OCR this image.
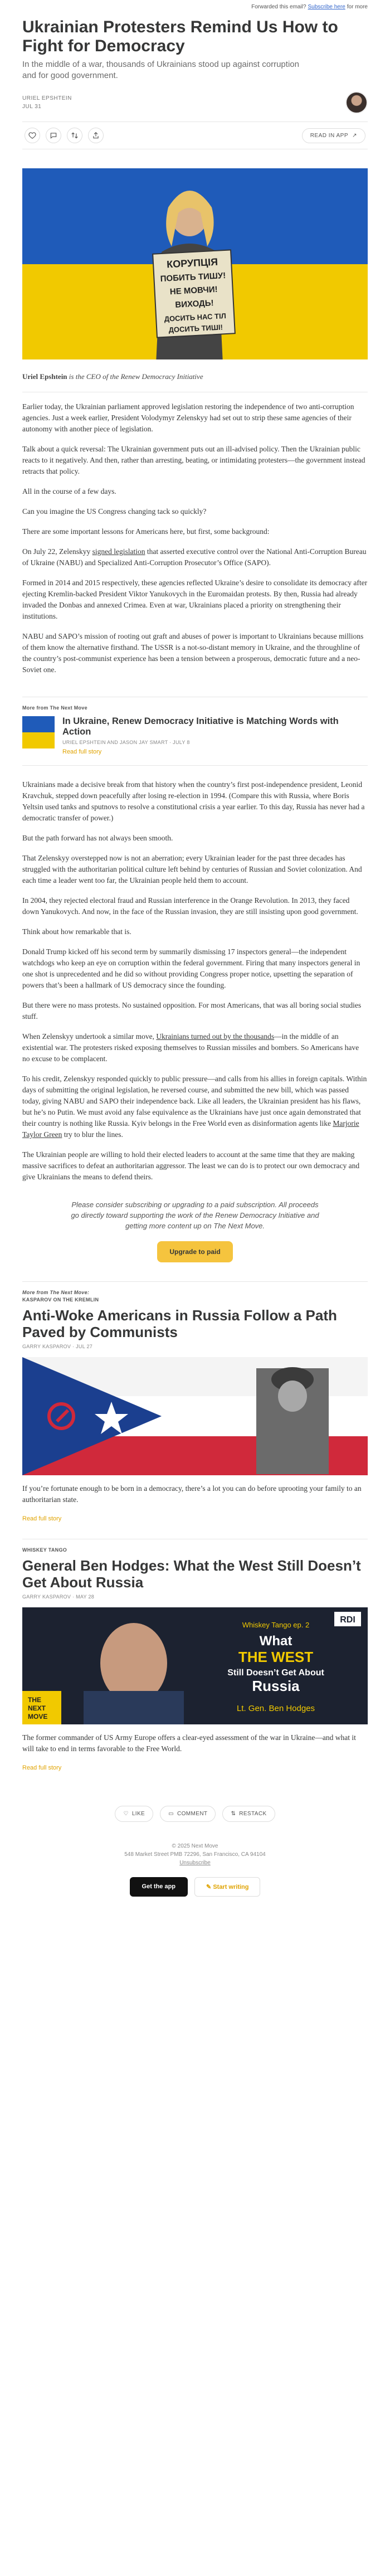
Forwarded this email? Subscribe here for more
Ukrainian Protesters Remind Us How to Fight for Democracy
In the middle of a war, thousands of Ukrainians stood up against corruption and for good government.
URIEL EPSHTEIN
JUL 31
READ IN APP ↗
КОРУПЦІЯ
ПОБИТЬ ТИШУ!
НЕ МОВЧИ!
ВИХОДЬ!
ДОСИТЬ НАС ТІЛ
ДОСИТЬ ТИШІ!
Uriel Epshtein is the CEO of the Renew Democracy Initiative

Earlier today, the Ukrainian parliament approved legislation restoring the independence of two anti-corruption agencies. Just a week earlier, President Volodymyr Zelenskyy had set out to strip these same agencies of their autonomy with another piece of legislation.

Talk about a quick reversal: The Ukrainian government puts out an ill-advised policy. Then the Ukrainian public reacts to it negatively. And then, rather than arresting, beating, or intimidating protesters—the government instead retracts that policy.

All in the course of a few days.

Can you imagine the US Congress changing tack so quickly?

There are some important lessons for Americans here, but first, some background:

On July 22, Zelenskyy signed legislation that asserted executive control over the National Anti-Corruption Bureau of Ukraine (NABU) and Specialized Anti-Corruption Prosecutor’s Office (SAPO).

Formed in 2014 and 2015 respectively, these agencies reflected Ukraine’s desire to consolidate its democracy after ejecting Kremlin-backed President Viktor Yanukovych in the Euromaidan protests. By then, Russia had already invaded the Donbas and annexed Crimea. Even at war, Ukrainians placed a priority on strengthening their institutions.

NABU and SAPO’s mission of rooting out graft and abuses of power is important to Ukrainians because millions of them know the alternative firsthand. The USSR is a not-so-distant memory in Ukraine, and the throughline of the country’s post-communist experience has been a tension between a prosperous, democratic future and a neo-Soviet one.

More from The Next Move
In Ukraine, Renew Democracy Initiative is Matching Words with Action
URIEL EPSHTEIN AND JASON JAY SMART · JULY 8
Read full story

Ukrainians made a decisive break from that history when the country’s first post-independence president, Leonid Kravchuk, stepped down peacefully after losing re-election in 1994. (Compare this with Russia, where Boris Yeltsin used tanks and sputnovs to resolve a constitutional crisis a year earlier. To this day, Russia has never had a democratic transfer of power.)

But the path forward has not always been smooth.

That Zelenskyy overstepped now is not an aberration; every Ukrainian leader for the past three decades has struggled with the authoritarian political culture left behind by centuries of Russian and Soviet colonization. And each time a leader went too far, the Ukrainian people held them to account.

In 2004, they rejected electoral fraud and Russian interference in the Orange Revolution. In 2013, they faced down Yanukovych. And now, in the face of the Russian invasion, they are still insisting upon good government.

Think about how remarkable that is.

Donald Trump kicked off his second term by summarily dismissing 17 inspectors general—the independent watchdogs who keep an eye on corruption within the federal government. Firing that many inspectors general in one shot is unprecedented and he did so without providing Congress proper notice, upsetting the separation of powers that’s been a hallmark of US democracy since the founding.

But there were no mass protests. No sustained opposition. For most Americans, that was all boring social studies stuff.

When Zelenskyy undertook a similar move, Ukrainians turned out by the thousands—in the middle of an existential war. The protesters risked exposing themselves to Russian missiles and bombers. So Americans have no excuse to be complacent.

To his credit, Zelenskyy responded quickly to public pressure—and calls from his allies in foreign capitals. Within days of submitting the original legislation, he reversed course, and submitted the new bill, which was passed today, giving NABU and SAPO their independence back. Like all leaders, the Ukrainian president has his flaws, but he’s no Putin. We must avoid any false equivalence as the Ukrainians have just once again demonstrated that their country is nothing like Russia. Kyiv belongs in the Free World even as disinformation agents like Marjorie Taylor Green try to blur the lines.

The Ukrainian people are willing to hold their elected leaders to account at the same time that they are making massive sacrifices to defeat an authoritarian aggressor. The least we can do is to protect our own democracy and give Ukrainians the means to defend theirs.

Please consider subscribing or upgrading to a paid subscription. All proceeds go directly toward supporting the work of the Renew Democracy Initiative and getting more content up on The Next Move.

Upgrade to paid
More from The Next Move:
KASPAROV ON THE KREMLIN
Anti-Woke Americans in Russia Follow a Path Paved by Communists
GARRY KASPAROV · JUL 27

If you’re fortunate enough to be born in a democracy, there’s a lot you can do before uprooting your family to an authoritarian state.

Read full story
WHISKEY TANGO
General Ben Hodges: What the West Still Doesn’t Get About Russia
GARRY KASPAROV · MAY 28
THE
NEXT
MOVE
RDI
Whiskey Tango ep. 2
What
THE WEST
Still Doesn’t Get About
Russia
Lt. Gen. Ben Hodges

The former commander of US Army Europe offers a clear-eyed assessment of the war in Ukraine—and what it will take to end in terms favorable to the Free World.

Read full story
♡ LIKE	▭ COMMENT	⇅ RESTACK
© 2025 Next Move
548 Market Street PMB 72296, San Francisco, CA 94104
Unsubscribe
Get the app	✎ Start writing
